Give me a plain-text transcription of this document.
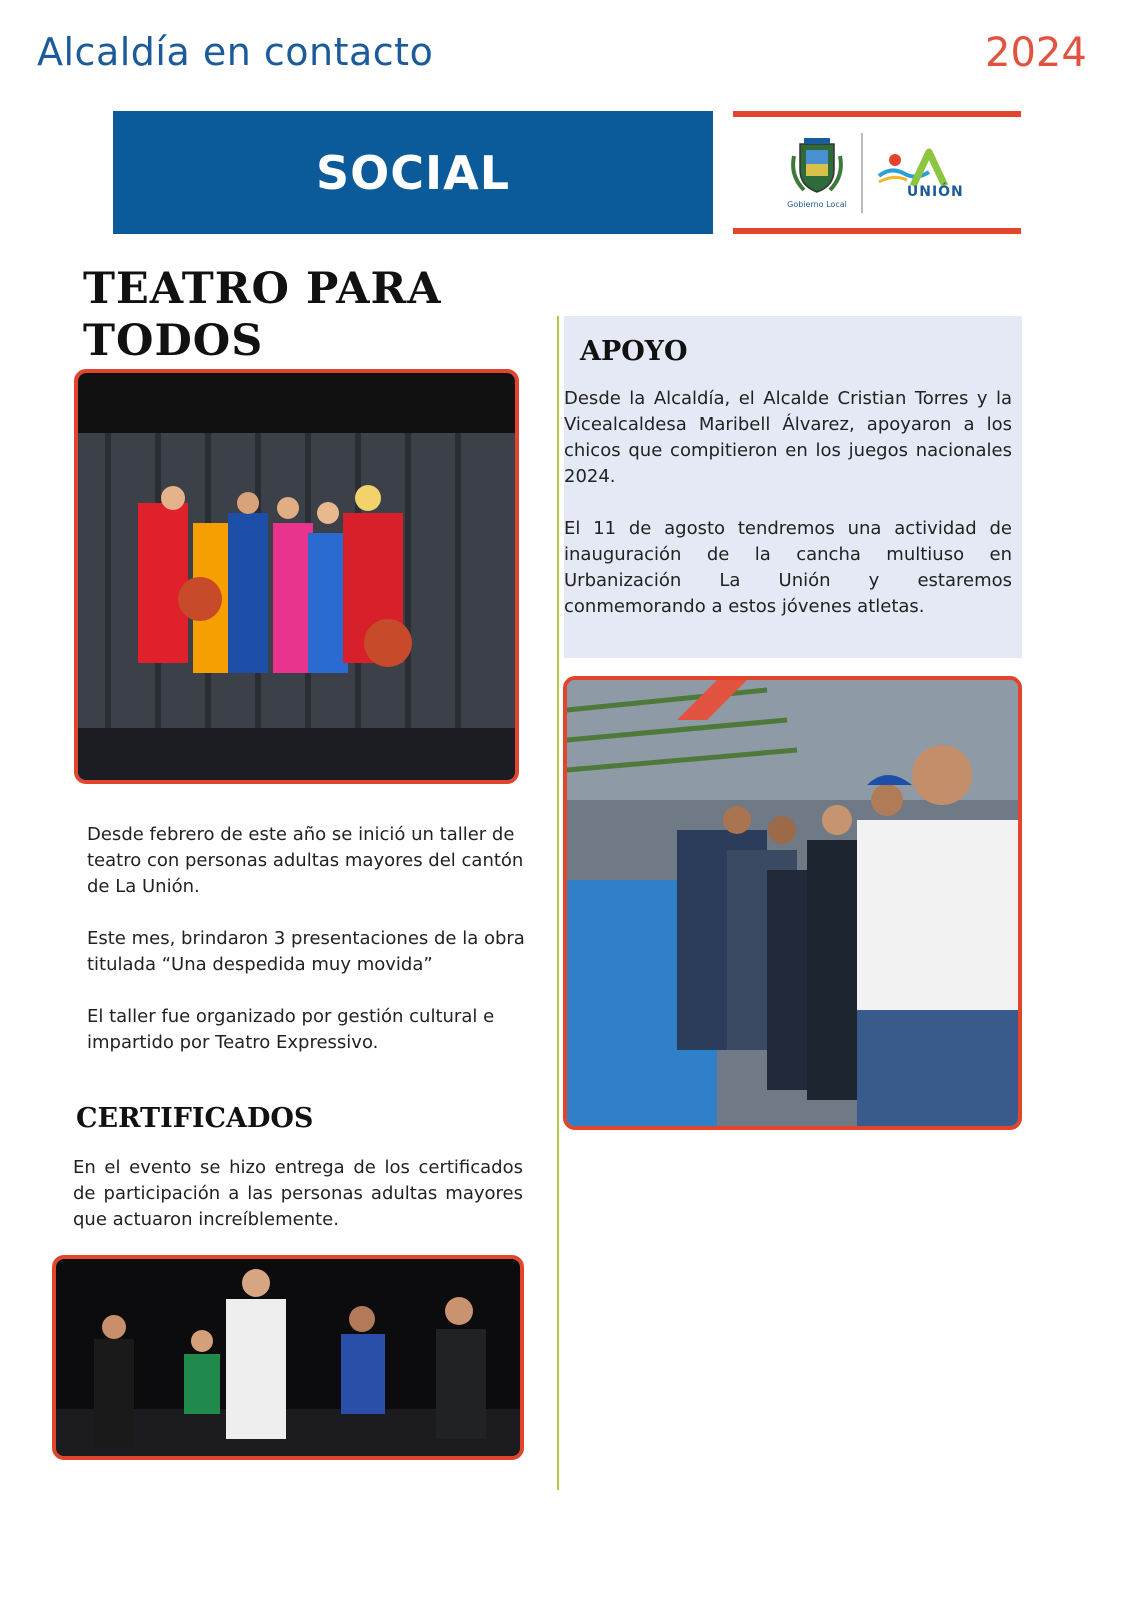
Alcaldía en contacto	2024
SOCIAL
Gobierno Local
UNIÓN
TEATRO PARA
TODOS

Desde febrero de este año se inició un taller de teatro con personas adultas mayores del cantón de La Unión.

Este mes, brindaron 3 presentaciones de la obra titulada “Una despedida muy movida”

El taller fue organizado por gestión cultural e impartido por Teatro Expressivo.

CERTIFICADOS

En el evento se hizo entrega de los certificados de participación a las personas adultas mayores que actuaron increíblemente.

APOYO

Desde la Alcaldía, el Alcalde Cristian Torres y la Vicealcaldesa Maribell Álvarez, apoyaron a los chicos que compitieron en los juegos nacionales 2024.

El 11 de agosto tendremos una actividad de inauguración de la cancha multiuso en Urbanización La Unión y estaremos conmemorando a estos jóvenes atletas.
